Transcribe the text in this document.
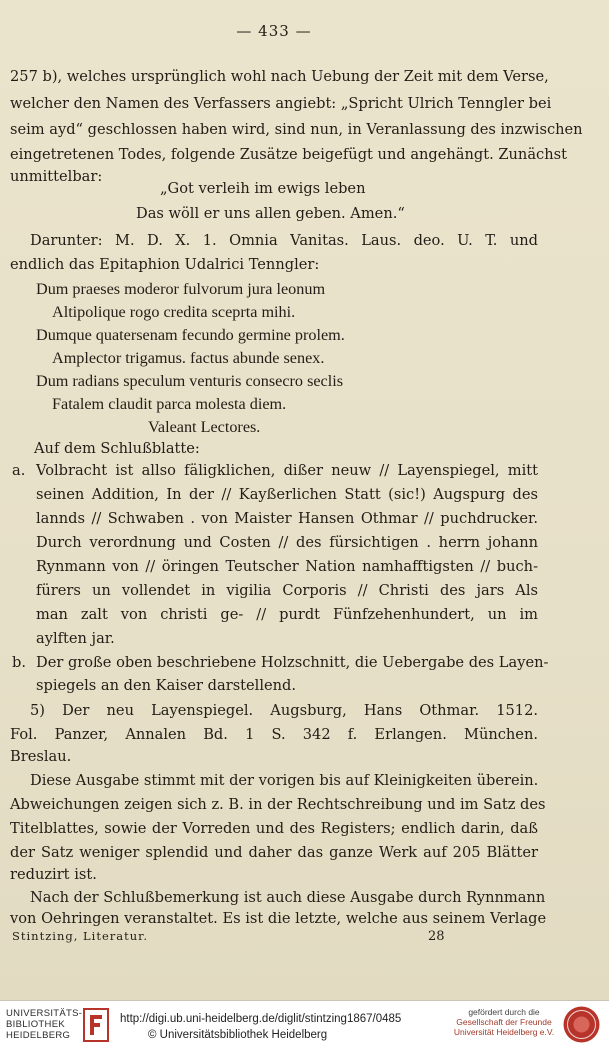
— 433 —
257 b), welches ursprünglich wohl nach Uebung der Zeit mit dem Verse,
welcher den Namen des Verfassers angiebt: „Spricht Ulrich Tenngler bei
seim ayd“ geschlossen haben wird, sind nun, in Veranlassung des inzwischen
eingetretenen Todes, folgende Zusätze beigefügt und angehängt. Zunächst
unmittelbar:
„Got verleih im ewigs leben
Das wöll er uns allen geben. Amen.“
Darunter: M. D. X. 1. Omnia Vanitas. Laus. deo. U. T. und
endlich das Epitaphion Udalrici Tenngler:
Dum praeses moderor fulvorum jura leonum
Altipolique rogo credita sceprta mihi.
Dumque quatersenam fecundo germine prolem.
Amplector trigamus. factus abunde senex.
Dum radians speculum venturis consecro seclis
Fatalem claudit parca molesta diem.
Valeant Lectores.
Auf dem Schlußblatte:
a. Volbracht ist allso fäligklichen, dißer neuw // Layenspiegel, mitt
seinen Addition, In der // Kayßerlichen Statt (sic!) Augspurg des
lannds // Schwaben . von Maister Hansen Othmar // puchdrucker.
Durch verordnung und Costen // des fürsichtigen . herrn johann
Rynmann von // öringen Teutscher Nation namhafftigsten // buch-
fürers un vollendet in vigilia Corporis // Christi des jars Als
man zalt von christi ge- // purdt Fünfzehenhundert, un im
aylften jar.
b. Der große oben beschriebene Holzschnitt, die Uebergabe des Layen-
spiegels an den Kaiser darstellend.
5) Der neu Layenspiegel. Augsburg, Hans Othmar. 1512.
Fol. Panzer, Annalen Bd. 1 S. 342 f. Erlangen. München.
Breslau.
Diese Ausgabe stimmt mit der vorigen bis auf Kleinigkeiten überein.
Abweichungen zeigen sich z. B. in der Rechtschreibung und im Satz des
Titelblattes, sowie der Vorreden und des Registers; endlich darin, daß
der Satz weniger splendid und daher das ganze Werk auf 205 Blätter
reduzirt ist.
Nach der Schlußbemerkung ist auch diese Ausgabe durch Rynnmann
von Oehringen veranstaltet. Es ist die letzte, welche aus seinem Verlage
Stintzing, Literatur.	28
UNIVERSITÄTS-
BIBLIOTHEK
HEIDELBERG
http://digi.ub.uni-heidelberg.de/diglit/stintzing1867/0485
© Universitätsbibliothek Heidelberg
gefördert durch die
Gesellschaft der Freunde
Universität Heidelberg e.V.
